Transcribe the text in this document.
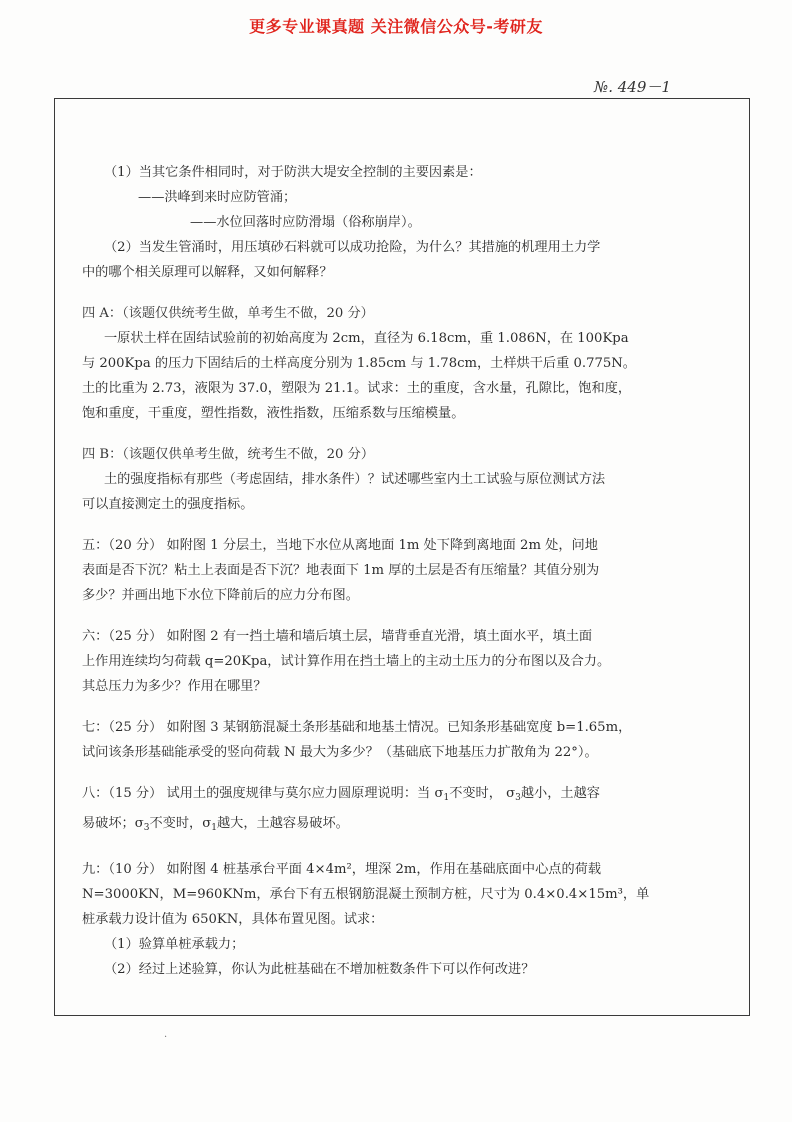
更多专业课真题 关注微信公众号-考研友
№. 449－1

（1）当其它条件相同时，对于防洪大堤安全控制的主要因素是：

——洪峰到来时应防管涌；

——水位回落时应防滑塌（俗称崩岸）。

（2）当发生管涌时，用压填砂石料就可以成功抢险，为什么？其措施的机理用土力学

中的哪个相关原理可以解释，又如何解释？

四 A：（该题仅供统考生做，单考生不做，20 分）

一原状土样在固结试验前的初始高度为 2cm，直径为 6.18cm，重 1.086N，在 100Kpa

与 200Kpa 的压力下固结后的土样高度分别为 1.85cm 与 1.78cm，土样烘干后重 0.775N。

土的比重为 2.73，液限为 37.0，塑限为 21.1。试求：土的重度，含水量，孔隙比，饱和度，

饱和重度，干重度，塑性指数，液性指数，压缩系数与压缩模量。

四 B：（该题仅供单考生做，统考生不做，20 分）

土的强度指标有那些（考虑固结，排水条件）？试述哪些室内土工试验与原位测试方法

可以直接测定土的强度指标。

五：（20 分） 如附图 1 分层土，当地下水位从离地面 1m 处下降到离地面 2m 处，问地

表面是否下沉？粘土上表面是否下沉？地表面下 1m 厚的土层是否有压缩量？其值分别为

多少？并画出地下水位下降前后的应力分布图。

六：（25 分） 如附图 2 有一挡土墙和墙后填土层，墙背垂直光滑，填土面水平，填土面

上作用连续均匀荷载 q=20Kpa，试计算作用在挡土墙上的主动土压力的分布图以及合力。

其总压力为多少？作用在哪里？

七：（25 分） 如附图 3 某钢筋混凝土条形基础和地基土情况。已知条形基础宽度 b=1.65m，

试问该条形基础能承受的竖向荷载 N 最大为多少？（基础底下地基压力扩散角为 22°）。

八：（15 分） 试用土的强度规律与莫尔应力圆原理说明：当 $\sigma_1$不变时， $\sigma_3$越小，土越容

易破坏；$\sigma_3$不变时，$\sigma_1$越大，土越容易破坏。

九：（10 分） 如附图 4 桩基承台平面 4×4m²，埋深 2m，作用在基础底面中心点的荷载

N=3000KN，M=960KNm，承台下有五根钢筋混凝土预制方桩，尺寸为 0.4×0.4×15m³，单

桩承载力设计值为 650KN，具体布置见图。试求：

（1）验算单桩承载力；

（2）经过上述验算，你认为此桩基础在不增加桩数条件下可以作何改进？

·
